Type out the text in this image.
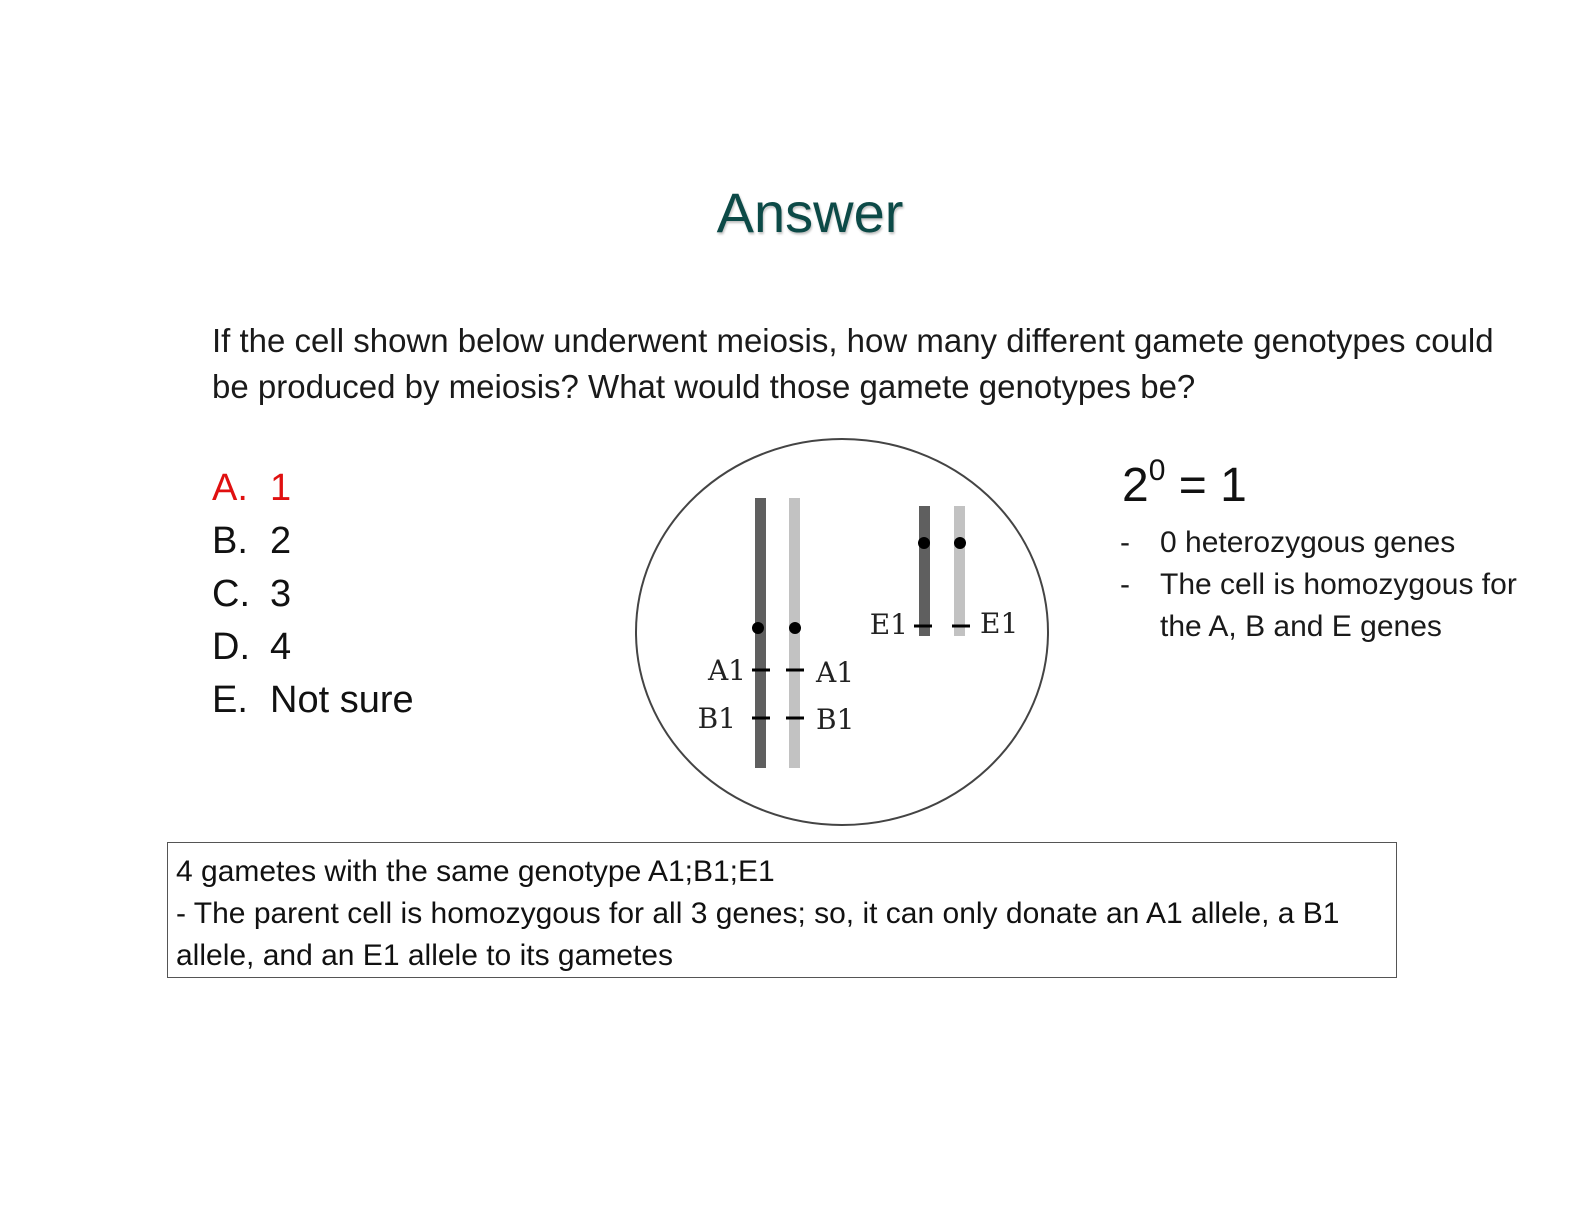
Answer
If the cell shown below underwent meiosis, how many different gamete genotypes could be produced by meiosis? What would those gamete genotypes be?
A. 1
B. 2
C. 3
D. 4
E. Not sure
A1	A1
B1	B1
E1	E1
$2^0 = 1$
-	0 heterozygous genes
-	The cell is homozygous for the A, B and E genes
4 gametes with the same genotype A1;B1;E1
- The parent cell is homozygous for all 3 genes; so, it can only donate an A1 allele, a B1 allele, and an E1 allele to its gametes
